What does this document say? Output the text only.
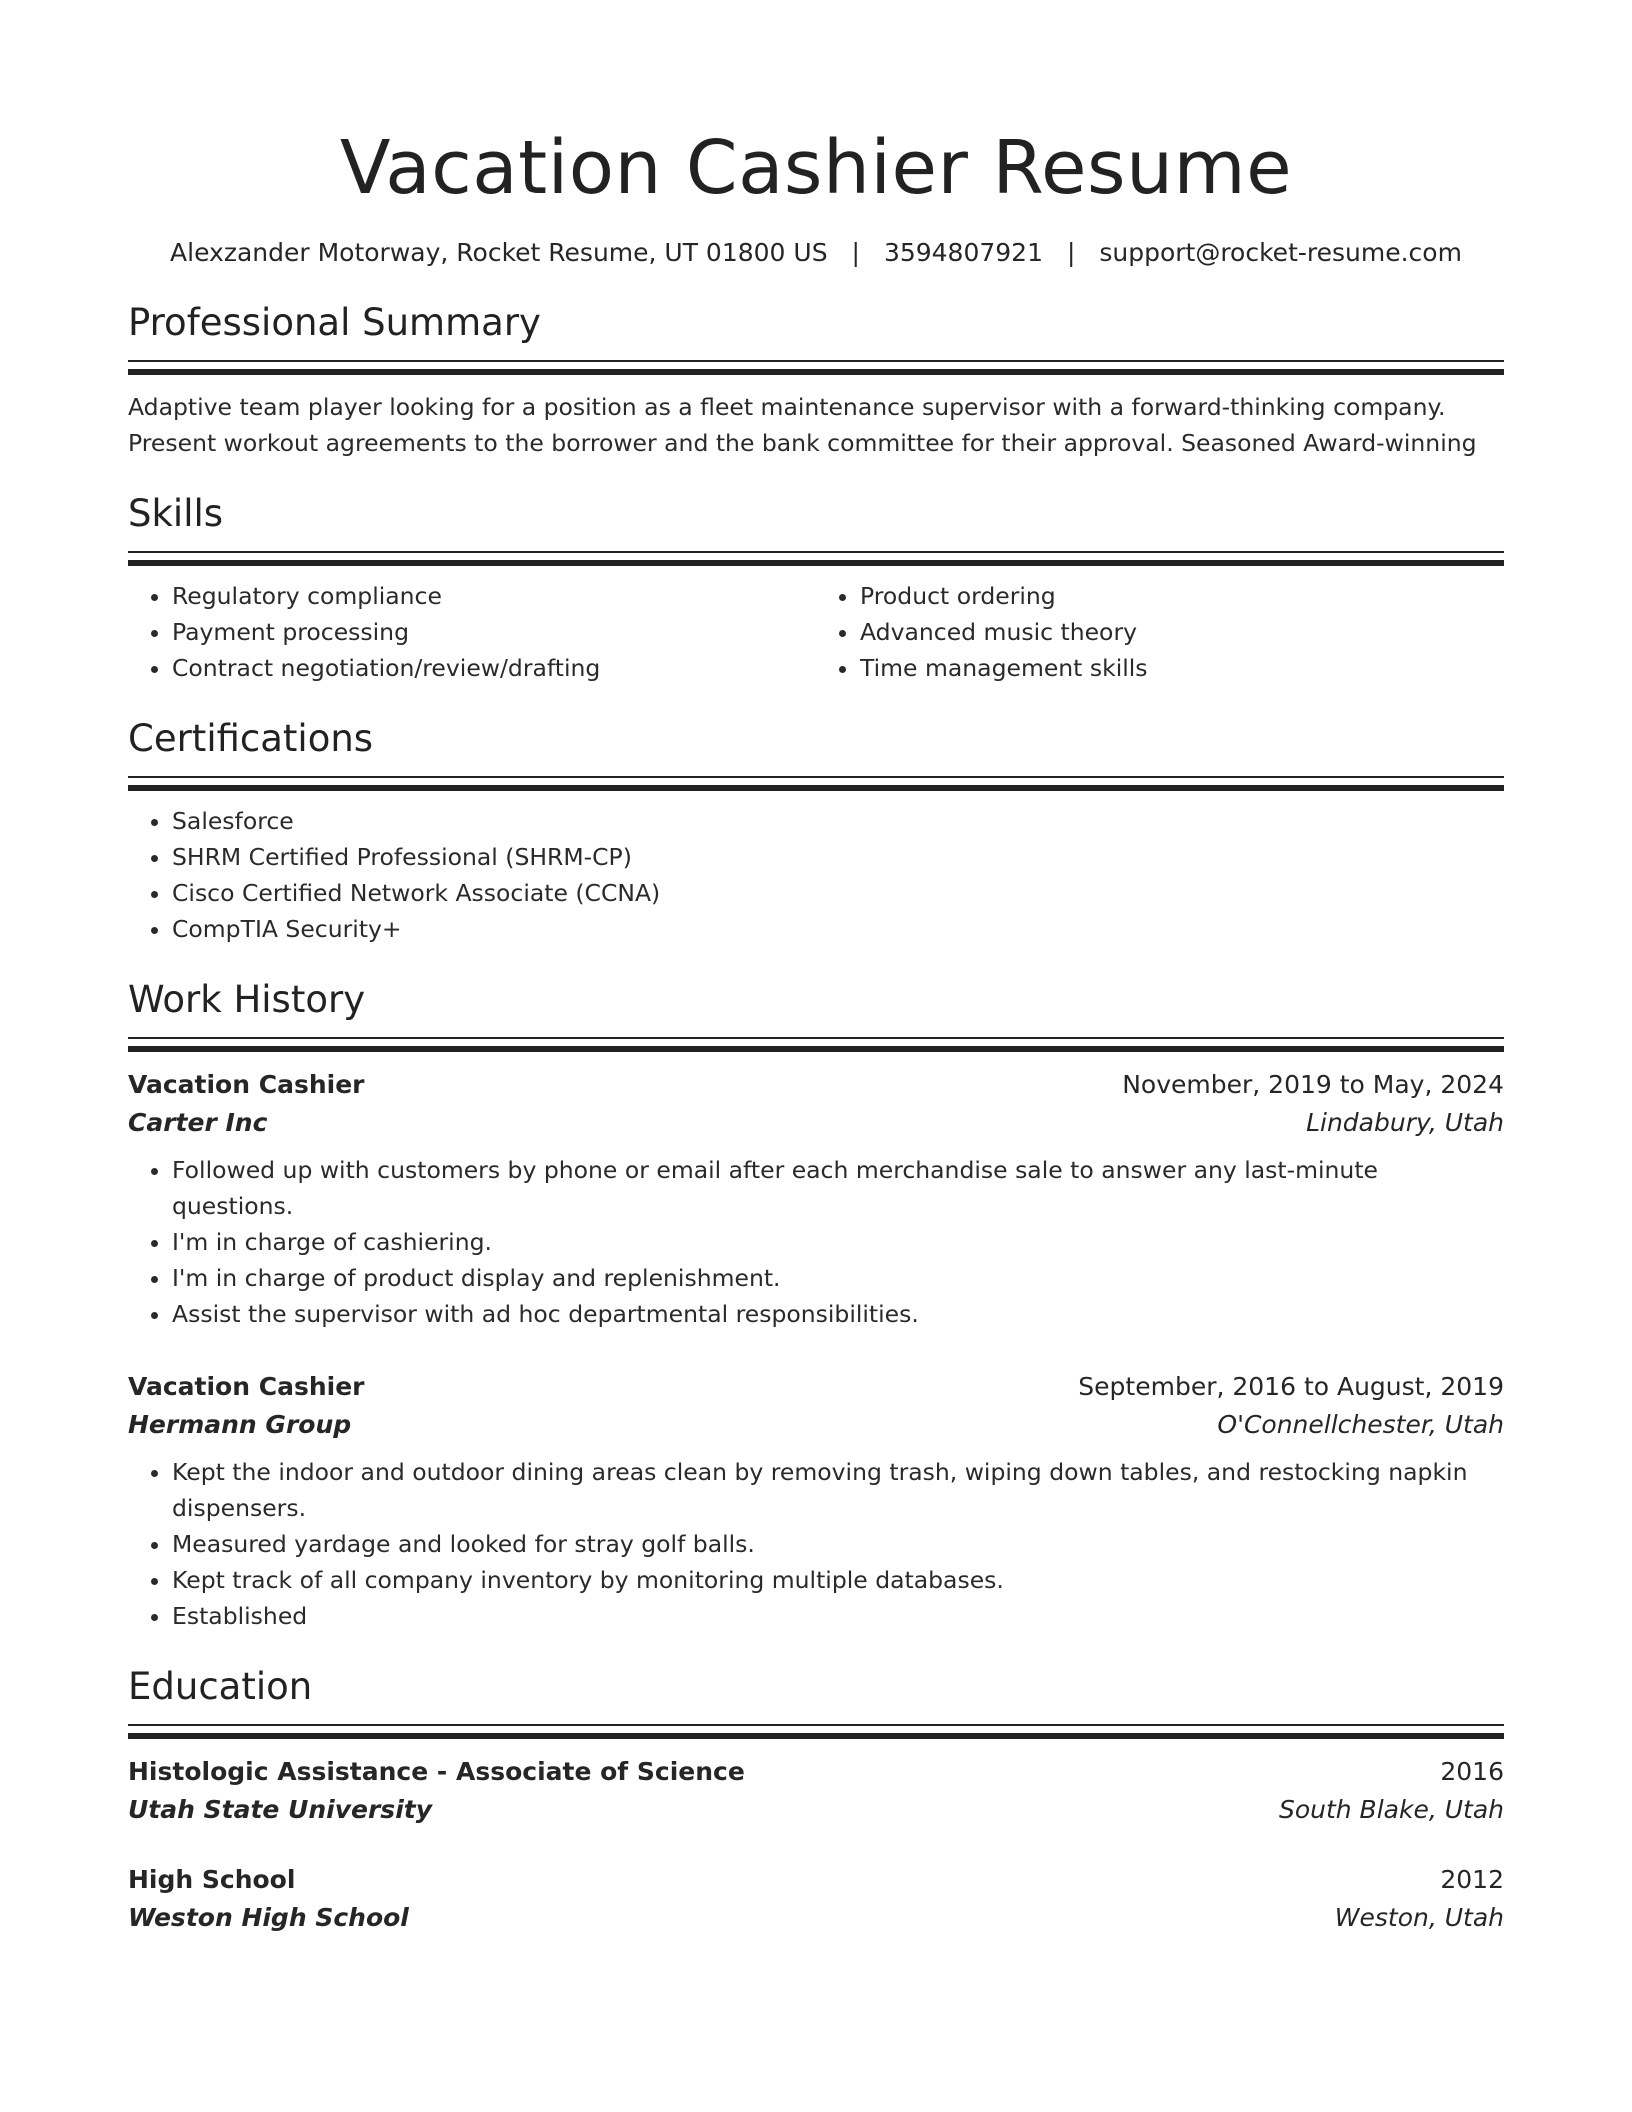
Vacation Cashier Resume
Alexzander Motorway, Rocket Resume, UT 01800 US | 3594807921 | support@rocket-resume.com
Professional Summary

Adaptive team player looking for a position as a fleet maintenance supervisor with a forward-thinking company. Present workout agreements to the borrower and the bank committee for their approval. Seasoned Award-winning

Skills
• Regulatory compliance
• Payment processing
• Contract negotiation/review/drafting
• Product ordering
• Advanced music theory
• Time management skills
Certifications
• Salesforce
• SHRM Certified Professional (SHRM-CP)
• Cisco Certified Network Associate (CCNA)
• CompTIA Security+
Work History
Vacation Cashier	November, 2019 to May, 2024
Carter Inc	Lindabury, Utah
• Followed up with customers by phone or email after each merchandise sale to answer any last-minute questions.
• I'm in charge of cashiering.
• I'm in charge of product display and replenishment.
• Assist the supervisor with ad hoc departmental responsibilities.
Vacation Cashier	September, 2016 to August, 2019
Hermann Group	O'Connellchester, Utah
• Kept the indoor and outdoor dining areas clean by removing trash, wiping down tables, and restocking napkin dispensers.
• Measured yardage and looked for stray golf balls.
• Kept track of all company inventory by monitoring multiple databases.
• Established
Education
Histologic Assistance - Associate of Science	2016
Utah State University	South Blake, Utah
High School	2012
Weston High School	Weston, Utah
